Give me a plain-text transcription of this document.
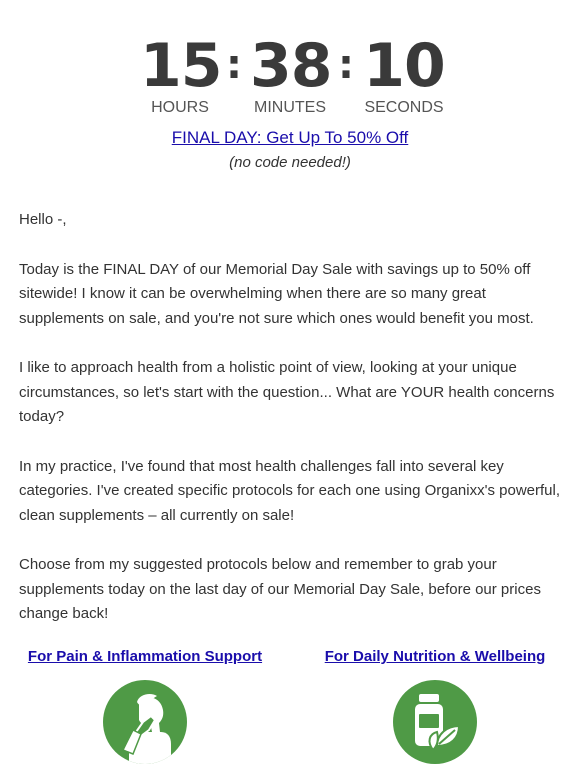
15
HOURS
: 38
MINUTES
: 10
SECONDS
FINAL DAY: Get Up To 50% Off
(no code needed!)

Hello -,

Today is the FINAL DAY of our Memorial Day Sale with savings up to 50% off sitewide! I know it can be overwhelming when there are so many great supplements on sale, and you're not sure which ones would benefit you most.

I like to approach health from a holistic point of view, looking at your unique circumstances, so let's start with the question... What are YOUR health concerns today?

In my practice, I've found that most health challenges fall into several key categories. I've created specific protocols for each one using Organixx's powerful, clean supplements – all currently on sale!

Choose from my suggested protocols below and remember to grab your supplements today on the last day of our Memorial Day Sale, before our prices change back!

For Pain & Inflammation Support	For Daily Nutrition & Wellbeing
